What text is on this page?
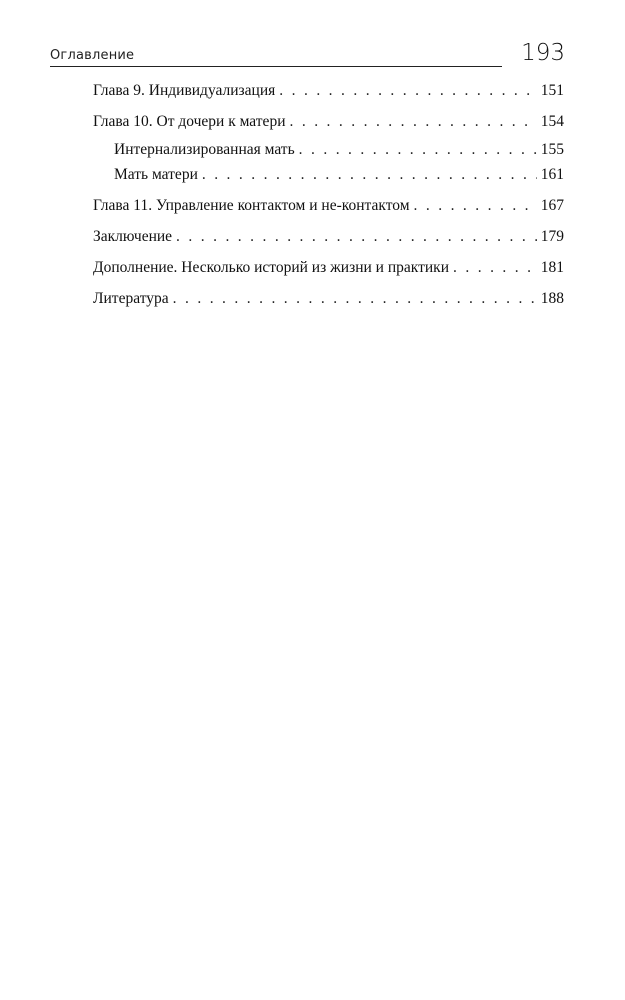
Оглавление	193
Глава 9. Индивидуализация . . .	151
Глава 10. От дочери к матери . . .	154
Интернализированная мать . . .	155
Мать матери . . .	161
Глава 11. Управление контактом и не-контактом . . .	167
Заключение . . .	179
Дополнение. Несколько историй из жизни и практики . . .	181
Литература . . .	188
